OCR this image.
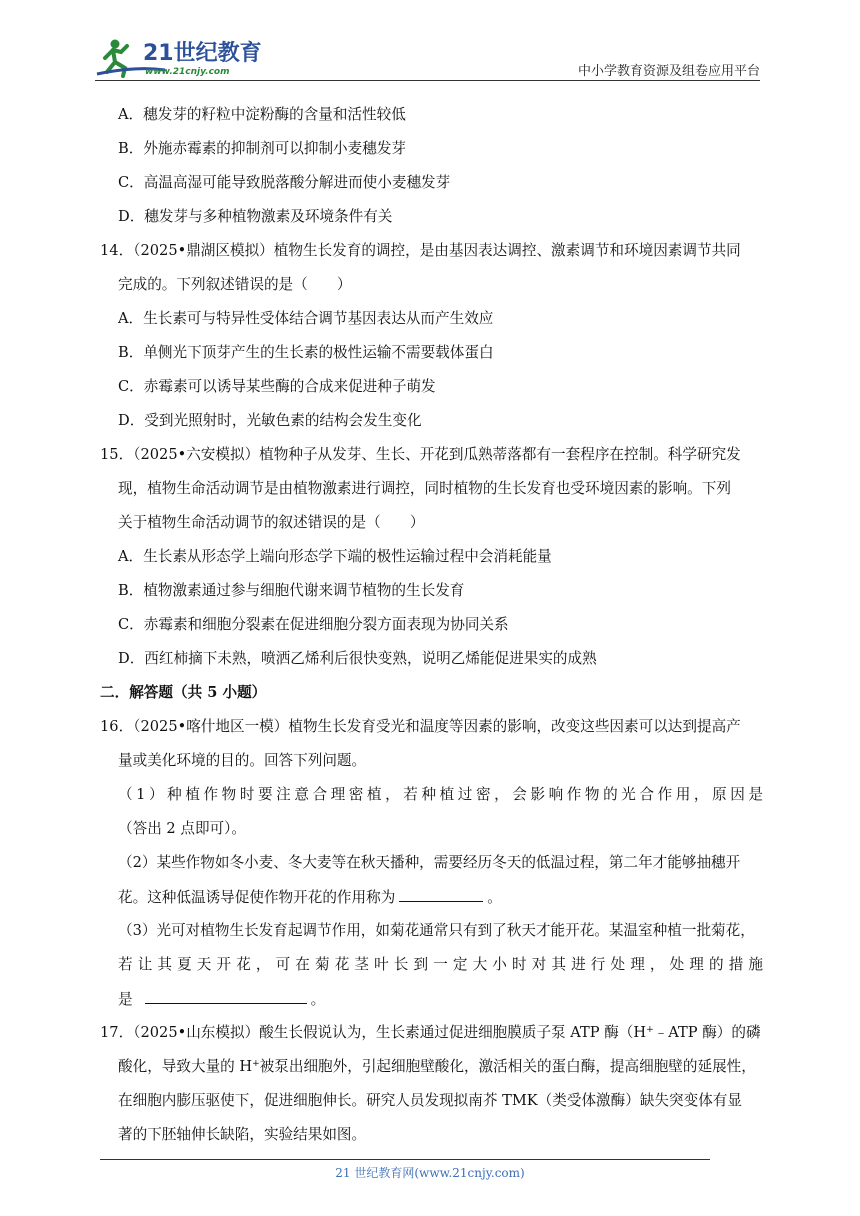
21世纪教育
www.21cnjy.com	中小学教育资源及组卷应用平台
A．穗发芽的籽粒中淀粉酶的含量和活性较低
B．外施赤霉素的抑制剂可以抑制小麦穗发芽
C．高温高湿可能导致脱落酸分解进而使小麦穗发芽
D．穗发芽与多种植物激素及环境条件有关
14．（2025•鼎湖区模拟）植物生长发育的调控，是由基因表达调控、激素调节和环境因素调节共同
完成的。下列叙述错误的是（　　）
A．生长素可与特异性受体结合调节基因表达从而产生效应
B．单侧光下顶芽产生的生长素的极性运输不需要载体蛋白
C．赤霉素可以诱导某些酶的合成来促进种子萌发
D．受到光照射时，光敏色素的结构会发生变化
15．（2025•六安模拟）植物种子从发芽、生长、开花到瓜熟蒂落都有一套程序在控制。科学研究发
现，植物生命活动调节是由植物激素进行调控，同时植物的生长发育也受环境因素的影响。下列
关于植物生命活动调节的叙述错误的是（　　）
A．生长素从形态学上端向形态学下端的极性运输过程中会消耗能量
B．植物激素通过参与细胞代谢来调节植物的生长发育
C．赤霉素和细胞分裂素在促进细胞分裂方面表现为协同关系
D．西红柿摘下未熟，喷洒乙烯利后很快变熟，说明乙烯能促进果实的成熟
二．解答题（共 5 小题）
16．（2025•喀什地区一模）植物生长发育受光和温度等因素的影响，改变这些因素可以达到提高产
量或美化环境的目的。回答下列问题。
（1）种植作物时要注意合理密植，若种植过密，会影响作物的光合作用，原因是
（答出 2 点即可）。
（2）某些作物如冬小麦、冬大麦等在秋天播种，需要经历冬天的低温过程，第二年才能够抽穗开
花。这种低温诱导促使作物开花的作用称为	。
（3）光可对植物生长发育起调节作用，如菊花通常只有到了秋天才能开花。某温室种植一批菊花，
若让其夏天开花，可在菊花茎叶长到一定大小时对其进行处理，处理的措施
是	。
17．（2025•山东模拟）酸生长假说认为，生长素通过促进细胞膜质子泵 ATP 酶（H+﹣ATP 酶）的磷
酸化，导致大量的 H+被泵出细胞外，引起细胞壁酸化，激活相关的蛋白酶，提高细胞壁的延展性，
在细胞内膨压驱使下，促进细胞伸长。研究人员发现拟南芥 TMK（类受体激酶）缺失突变体有显
著的下胚轴伸长缺陷，实验结果如图。
21 世纪教育网(www.21cnjy.com)
